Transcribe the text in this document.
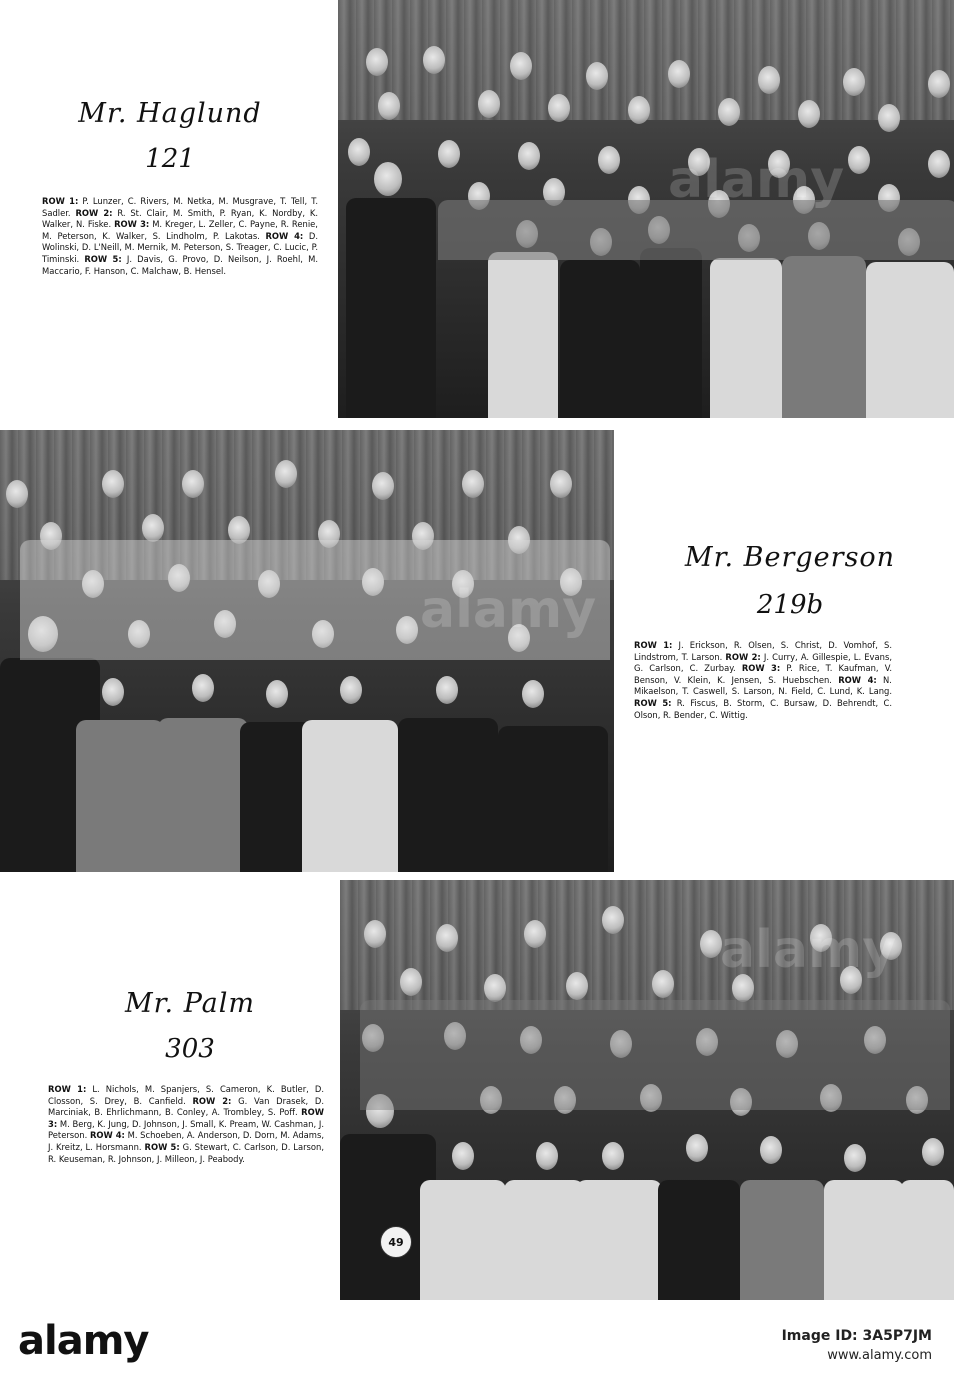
Mr. Haglund
121
ROW 1: P. Lunzer, C. Rivers, M. Netka, M. Musgrave, T. Tell, T. Sadler. ROW 2: R. St. Clair, M. Smith, P. Ryan, K. Nordby, K. Walker, N. Fiske. ROW 3: M. Kreger, L. Zeller, C. Payne, R. Renie, M. Peterson, K. Walker, S. Lindholm, P. Lakotas. ROW 4: D. Wolinski, D. L'Neill, M. Mernik, M. Peterson, S. Treager, C. Lucic, P. Timinski. ROW 5: J. Davis, G. Provo, D. Neilson, J. Roehl, M. Maccario, F. Hanson, C. Malchaw, B. Hensel.
alamy
alamy
Mr. Bergerson
219b
ROW 1: J. Erickson, R. Olsen, S. Christ, D. Vomhof, S. Lindstrom, T. Larson. ROW 2: J. Curry, A. Gillespie, L. Evans, G. Carlson, C. Zurbay. ROW 3: P. Rice, T. Kaufman, V. Benson, V. Klein, K. Jensen, S. Huebschen. ROW 4: N. Mikaelson, T. Caswell, S. Larson, N. Field, C. Lund, K. Lang. ROW 5: R. Fiscus, B. Storm, C. Bursaw, D. Behrendt, C. Olson, R. Bender, C. Wittig.
Mr. Palm
303
ROW 1: L. Nichols, M. Spanjers, S. Cameron, K. Butler, D. Closson, S. Drey, B. Canfield. ROW 2: G. Van Drasek, D. Marciniak, B. Ehrlichmann, B. Conley, A. Trombley, S. Poff. ROW 3: M. Berg, K. Jung, D. Johnson, J. Small, K. Pream, W. Cashman, J. Peterson. ROW 4: M. Schoeben, A. Anderson, D. Dorn, M. Adams, J. Kreitz, L. Horsmann. ROW 5: G. Stewart, C. Carlson, D. Larson, R. Keuseman, R. Johnson, J. Milleon, J. Peabody.
alamy
49
alamy	Image ID: 3A5P7JM
www.alamy.com
